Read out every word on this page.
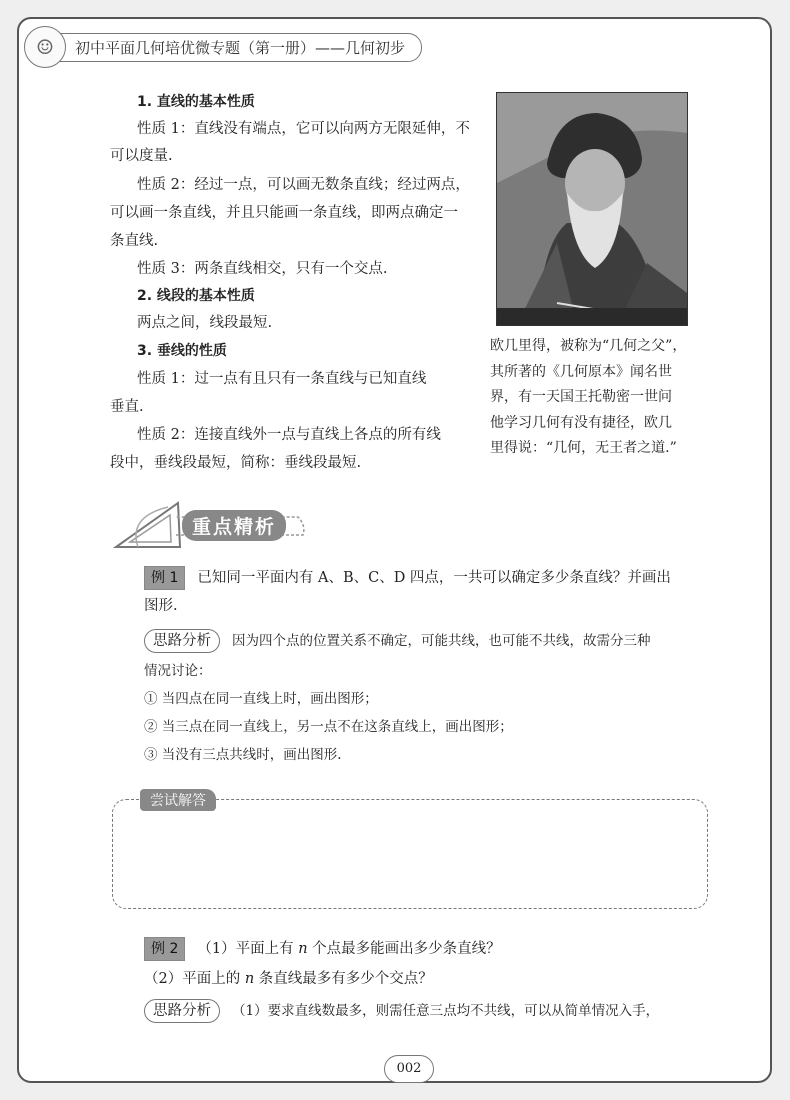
☺	初中平面几何培优微专题（第一册）——几何初步
1. 直线的基本性质
性质 1：直线没有端点，它可以向两方无限延伸，不
可以度量.
性质 2：经过一点，可以画无数条直线；经过两点，
可以画一条直线，并且只能画一条直线，即两点确定一
条直线.
性质 3：两条直线相交，只有一个交点.
2. 线段的基本性质
两点之间，线段最短.
3. 垂线的性质
性质 1：过一点有且只有一条直线与已知直线
垂直.
性质 2：连接直线外一点与直线上各点的所有线
段中，垂线段最短，简称：垂线段最短.
欧几里得，被称为“几何之父”，
其所著的《几何原本》闻名世
界，有一天国王托勒密一世问
他学习几何有没有捷径，欧几
里得说：“几何，无王者之道.”
重点精析
例 1 已知同一平面内有 A、B、C、D 四点，一共可以确定多少条直线？并画出
图形.
思路分析 因为四个点的位置关系不确定，可能共线，也可能不共线，故需分三种
情况讨论：
① 当四点在同一直线上时，画出图形；
② 当三点在同一直线上，另一点不在这条直线上，画出图形；
③ 当没有三点共线时，画出图形.
尝试解答
例 2 （1）平面上有 n 个点最多能画出多少条直线？
（2）平面上的 n 条直线最多有多少个交点？
思路分析 （1）要求直线数最多，则需任意三点均不共线，可以从简单情况入手，
002
